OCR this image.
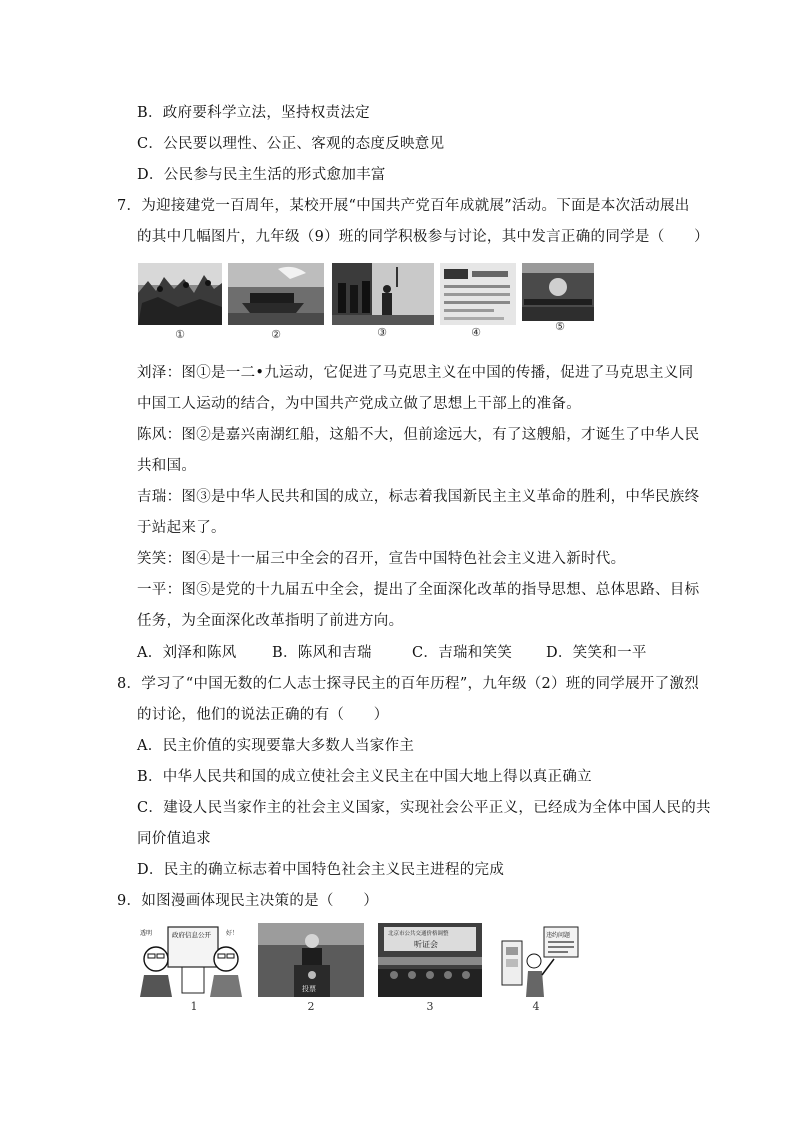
B．政府要科学立法，坚持权责法定
C．公民要以理性、公正、客观的态度反映意见
D．公民参与民主生活的形式愈加丰富
7．为迎接建党一百周年，某校开展“中国共产党百年成就展”活动。下面是本次活动展出
的其中几幅图片，九年级（9）班的同学积极参与讨论，其中发言正确的同学是（　　）
①	②	③	④	⑤
刘泽：图①是一二•九运动，它促进了马克思主义在中国的传播，促进了马克思主义同
中国工人运动的结合，为中国共产党成立做了思想上干部上的准备。
陈风：图②是嘉兴南湖红船，这船不大，但前途远大，有了这艘船，才诞生了中华人民
共和国。
吉瑞：图③是中华人民共和国的成立，标志着我国新民主主义革命的胜利，中华民族终
于站起来了。
笑笑：图④是十一届三中全会的召开，宣告中国特色社会主义进入新时代。
一平：图⑤是党的十九届五中全会，提出了全面深化改革的指导思想、总体思路、目标
任务，为全面深化改革指明了前进方向。
A．刘泽和陈风 B．陈风和吉瑞	C．吉瑞和笑笑 D．笑笑和一平
8．学习了“中国无数的仁人志士探寻民主的百年历程”，九年级（2）班的同学展开了激烈
的讨论，他们的说法正确的有（　　）
A．民主价值的实现要靠大多数人当家作主
B．中华人民共和国的成立使社会主义民主在中国大地上得以真正确立
C．建设人民当家作主的社会主义国家，实现社会公平正义，已经成为全体中国人民的共
同价值追求
D．民主的确立标志着中国特色社会主义民主进程的完成
9．如图漫画体现民主决策的是（　　）
政府信息公开
透明	好！
1
投票
2
北京市公共交通价格调整
听证会
3
违约问题
4
